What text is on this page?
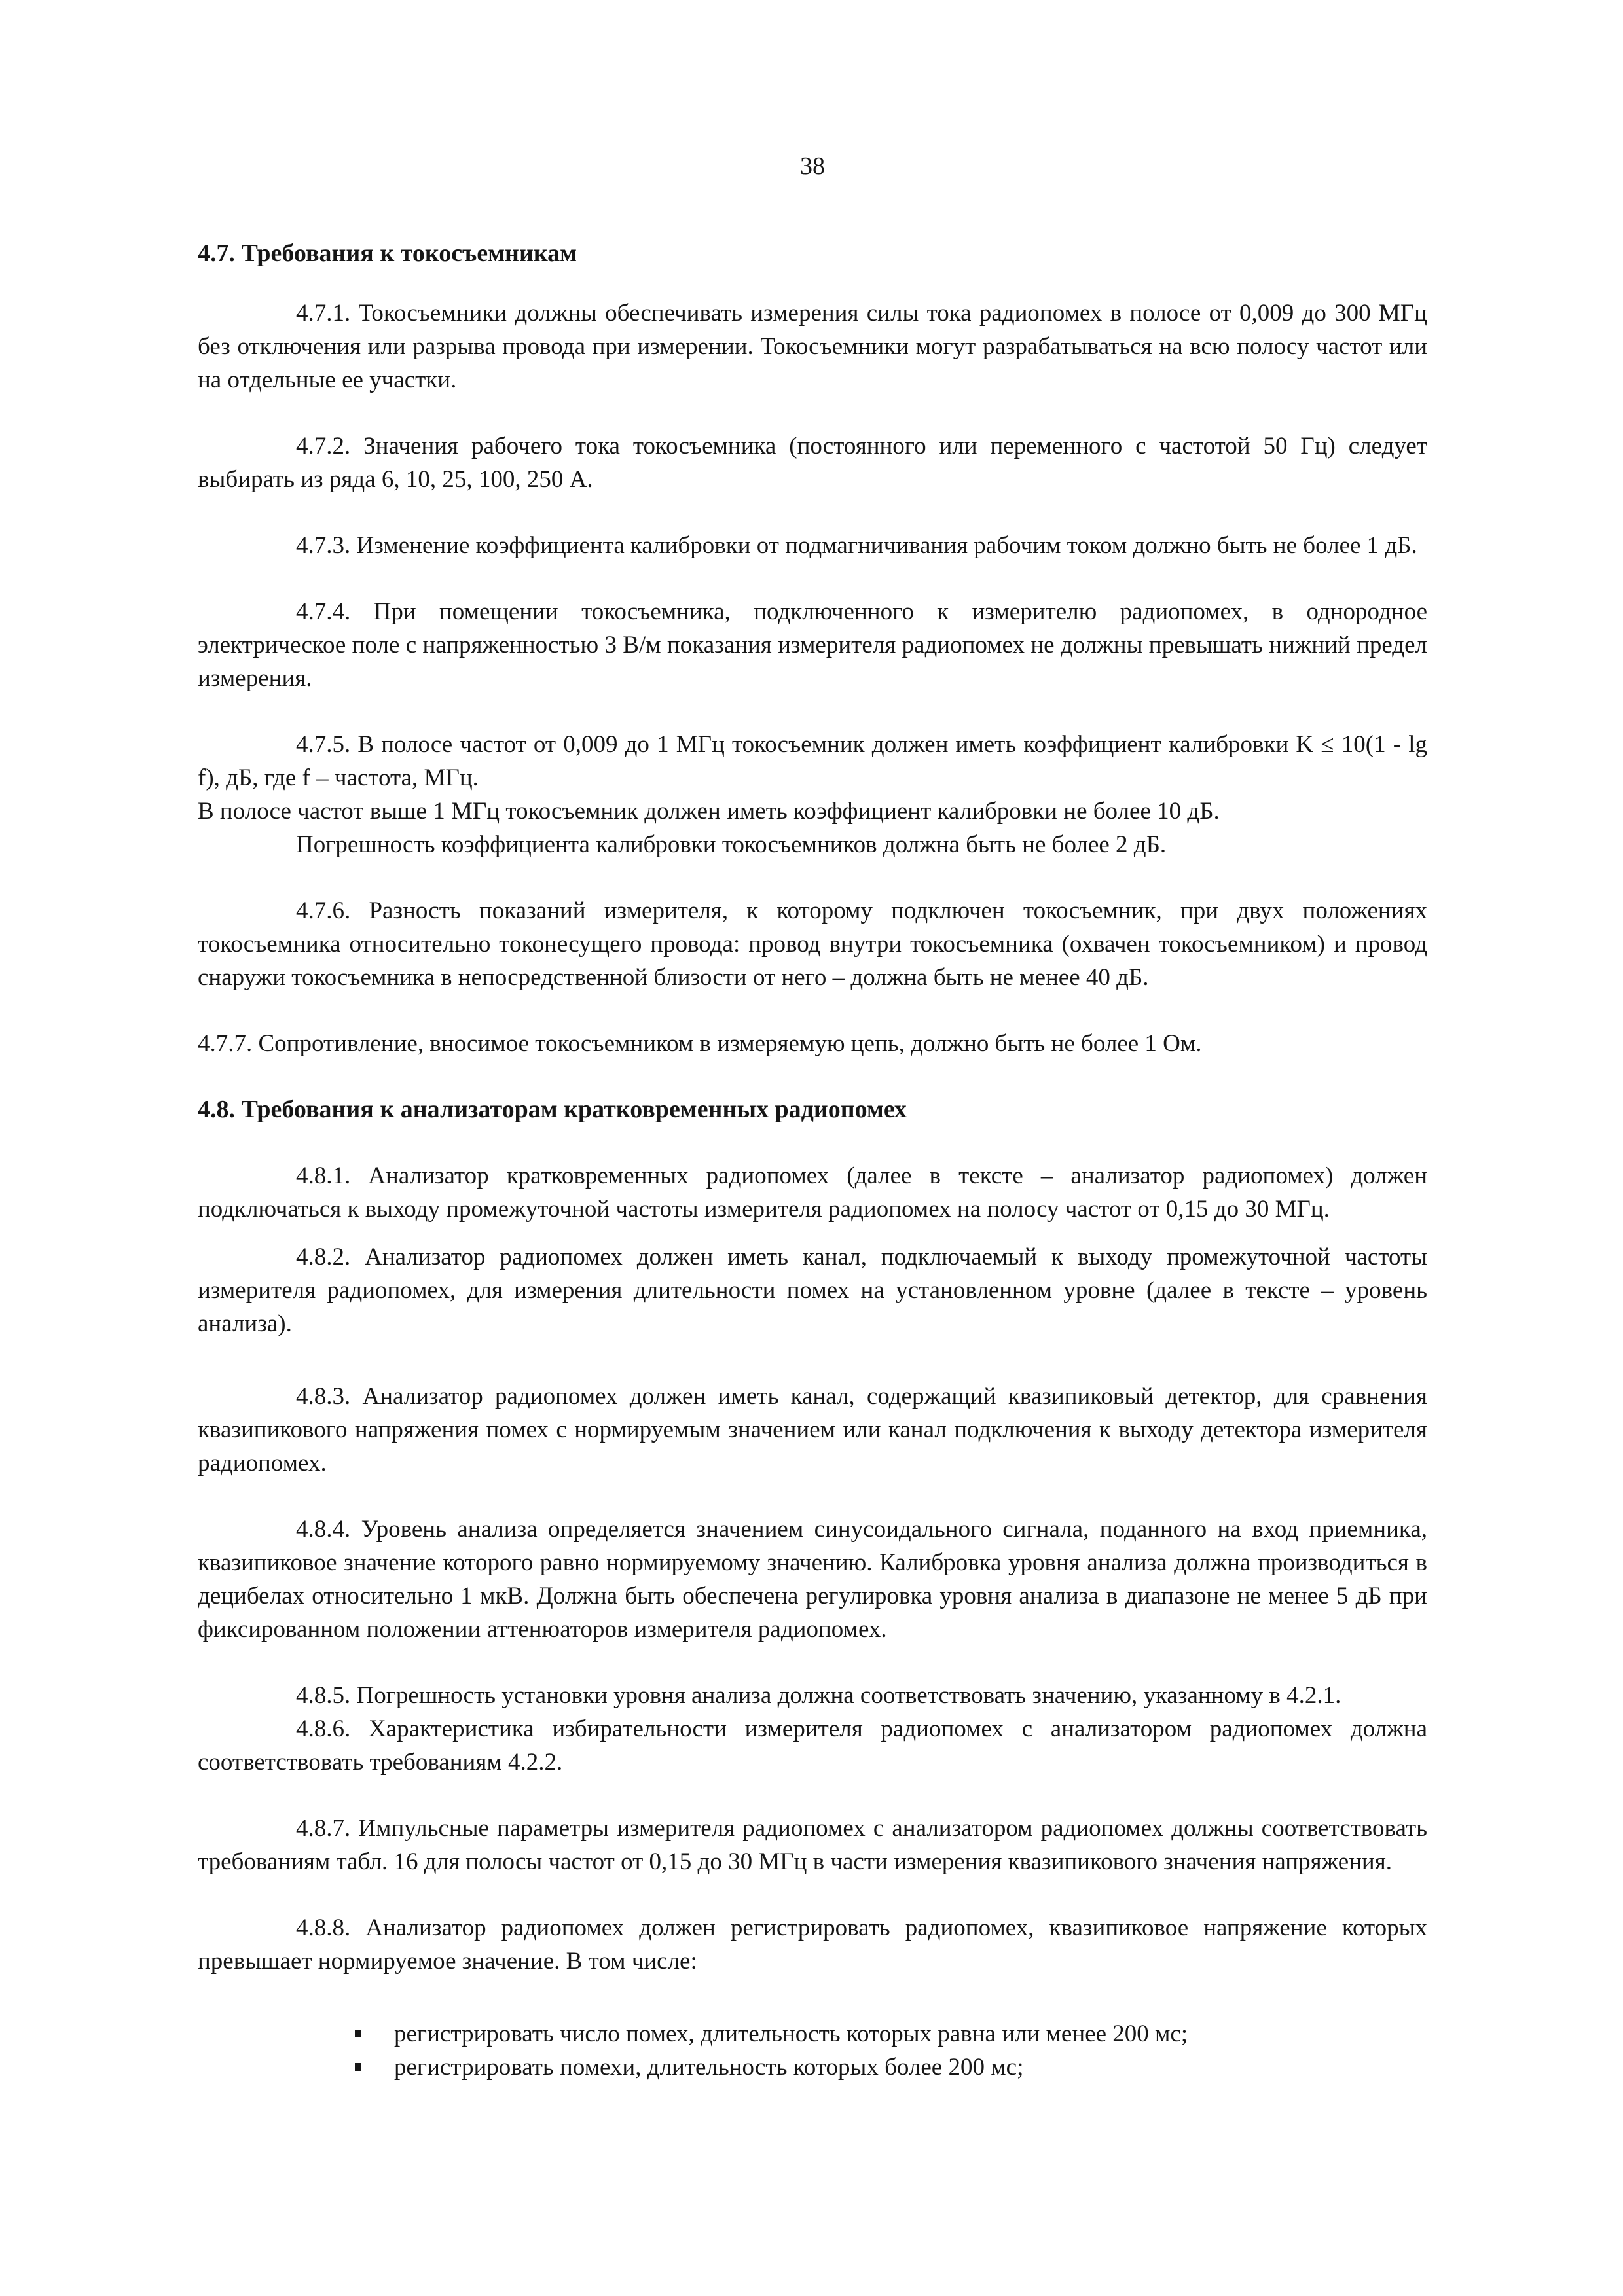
38
4.7. Требования к токосъемникам

4.7.1. Токосъемники должны обеспечивать измерения силы тока радиопомех в полосе от 0,009 до 300 МГц без отключения или разрыва провода при измерении. Токосъемники могут разрабатываться на всю полосу частот или на отдельные ее участки.

4.7.2. Значения рабочего тока токосъемника (постоянного или переменного с частотой 50 Гц) следует выбирать из ряда 6, 10, 25, 100, 250 А.

4.7.3. Изменение коэффициента калибровки от подмагничивания рабочим током должно быть не более 1 дБ.

4.7.4. При помещении токосъемника, подключенного к измерителю радиопомех, в однородное электрическое поле с напряженностью 3 В/м показания измерителя радиопомех не должны превышать нижний предел измерения.

4.7.5. В полосе частот от 0,009 до 1 МГц токосъемник должен иметь коэффициент калибровки K ≤ 10(1 - lg f), дБ, где f – частота, МГц.

В полосе частот выше 1 МГц токосъемник должен иметь коэффициент калибровки не более 10 дБ.

Погрешность коэффициента калибровки токосъемников должна быть не более 2 дБ.

4.7.6. Разность показаний измерителя, к которому подключен токосъемник, при двух положениях токосъемника относительно токонесущего провода: провод внутри токосъемника (охвачен токосъемником) и провод снаружи токосъемника в непосредственной близости от него – должна быть не менее 40 дБ.

4.7.7. Сопротивление, вносимое токосъемником в измеряемую цепь, должно быть не более 1 Ом.

4.8. Требования к анализаторам кратковременных радиопомех

4.8.1. Анализатор кратковременных радиопомех (далее в тексте – анализатор радиопомех) должен подключаться к выходу промежуточной частоты измерителя радиопомех на полосу частот от 0,15 до 30 МГц.

4.8.2. Анализатор радиопомех должен иметь канал, подключаемый к выходу промежуточной частоты измерителя радиопомех, для измерения длительности помех на установленном уровне (далее в тексте – уровень анализа).

4.8.3. Анализатор радиопомех должен иметь канал, содержащий квазипиковый детектор, для сравнения квазипикового напряжения помех с нормируемым значением или канал подключения к выходу детектора измерителя радиопомех.

4.8.4. Уровень анализа определяется значением синусоидального сигнала, поданного на вход приемника, квазипиковое значение которого равно нормируемому значению. Калибровка уровня анализа должна производиться в децибелах относительно 1 мкВ. Должна быть обеспечена регулировка уровня анализа в диапазоне не менее 5 дБ при фиксированном положении аттенюаторов измерителя радиопомех.

4.8.5. Погрешность установки уровня анализа должна соответствовать значению, указанному в 4.2.1.

4.8.6. Характеристика избирательности измерителя радиопомех с анализатором радиопомех должна соответствовать требованиям 4.2.2.

4.8.7. Импульсные параметры измерителя радиопомех с анализатором радиопомех должны соответствовать требованиям табл. 16 для полосы частот от 0,15 до 30 МГц в части измерения квазипикового значения напряжения.

4.8.8. Анализатор радиопомех должен регистрировать радиопомех, квазипиковое напряжение которых превышает нормируемое значение. В том числе:

регистрировать число помех, длительность которых равна или менее 200 мс;
регистрировать помехи, длительность которых более 200 мс;
